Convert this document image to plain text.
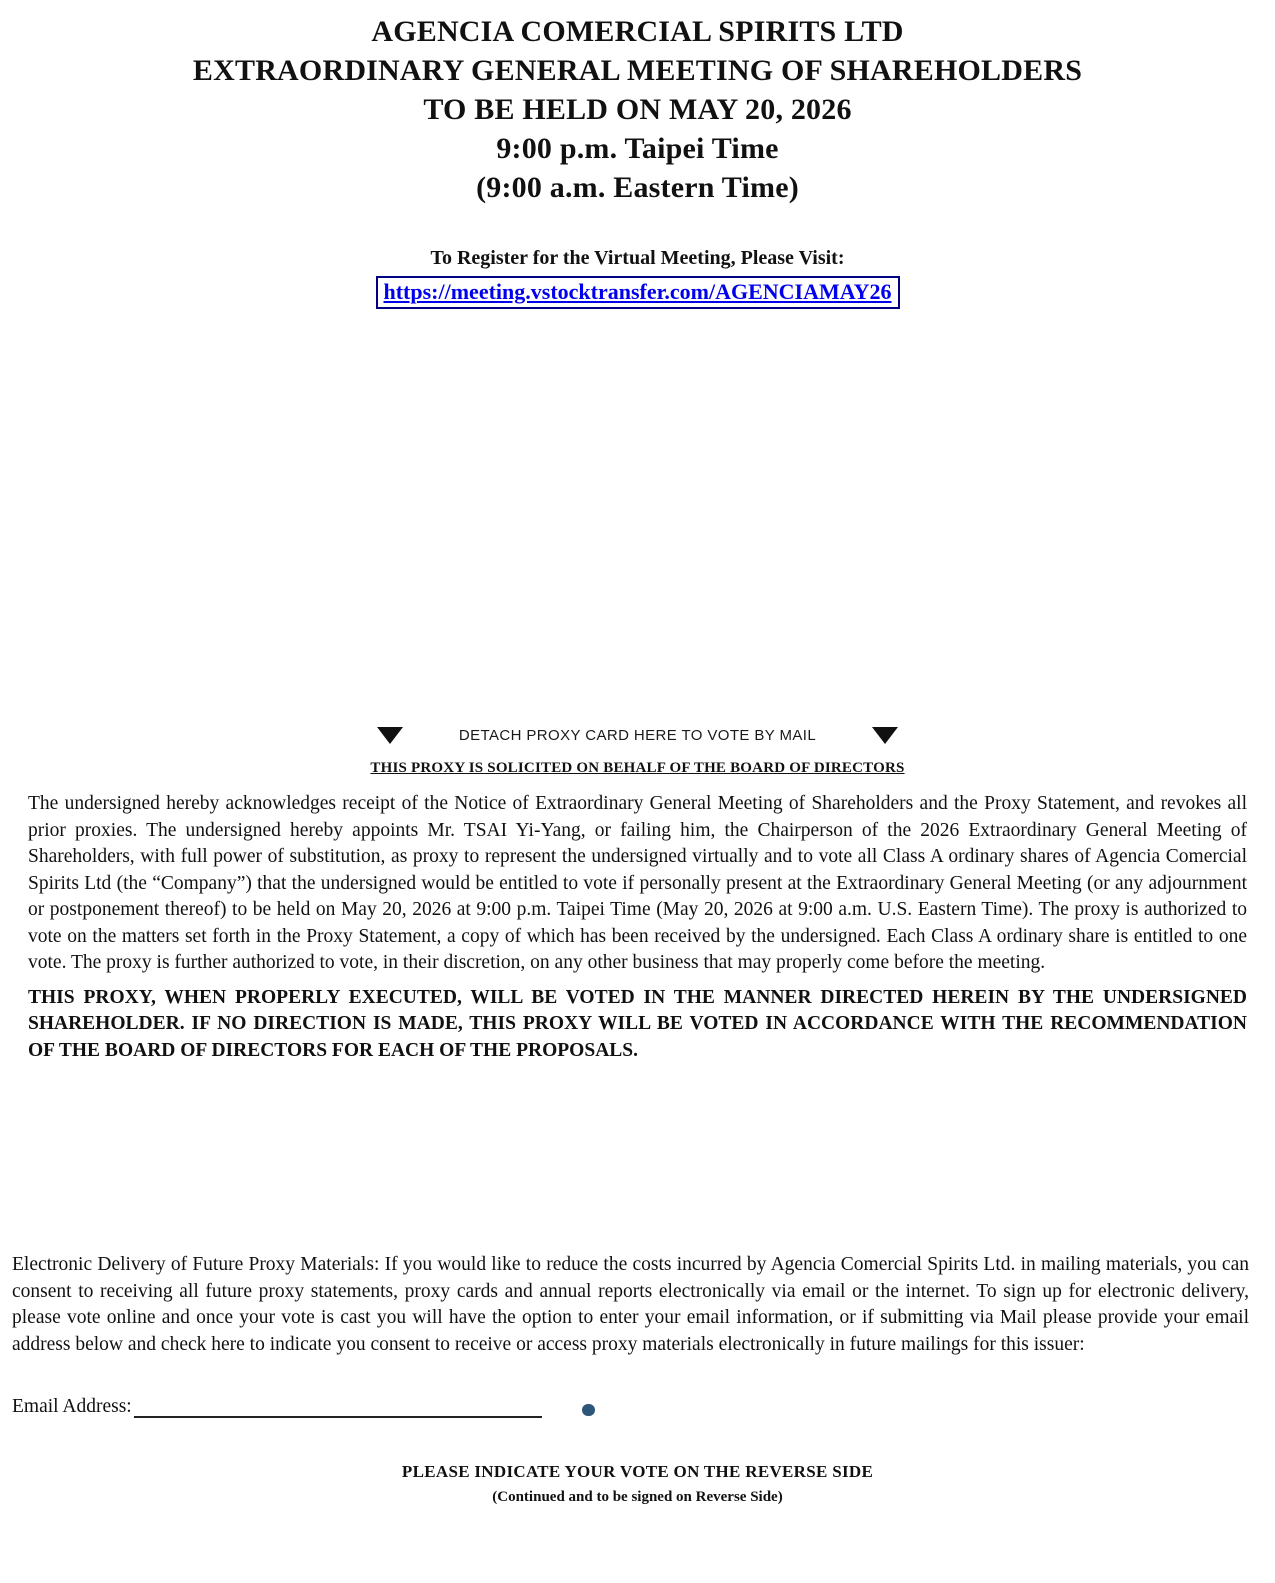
AGENCIA COMERCIAL SPIRITS LTD
EXTRAORDINARY GENERAL MEETING OF SHAREHOLDERS
TO BE HELD ON MAY 20, 2026
9:00 p.m. Taipei Time
(9:00 a.m. Eastern Time)
To Register for the Virtual Meeting, Please Visit:
https://meeting.vstocktransfer.com/AGENCIAMAY26
DETACH PROXY CARD HERE TO VOTE BY MAIL
THIS PROXY IS SOLICITED ON BEHALF OF THE BOARD OF DIRECTORS

The undersigned hereby acknowledges receipt of the Notice of Extraordinary General Meeting of Shareholders and the Proxy Statement, and revokes all prior proxies. The undersigned hereby appoints Mr. TSAI Yi-Yang, or failing him, the Chairperson of the 2026 Extraordinary General Meeting of Shareholders, with full power of substitution, as proxy to represent the undersigned virtually and to vote all Class A ordinary shares of Agencia Comercial Spirits Ltd (the “Company”) that the undersigned would be entitled to vote if personally present at the Extraordinary General Meeting (or any adjournment or postponement thereof) to be held on May 20, 2026 at 9:00 p.m. Taipei Time (May 20, 2026 at 9:00 a.m. U.S. Eastern Time). The proxy is authorized to vote on the matters set forth in the Proxy Statement, a copy of which has been received by the undersigned. Each Class A ordinary share is entitled to one vote. The proxy is further authorized to vote, in their discretion, on any other business that may properly come before the meeting.

THIS PROXY, WHEN PROPERLY EXECUTED, WILL BE VOTED IN THE MANNER DIRECTED HEREIN BY THE UNDERSIGNED SHAREHOLDER. IF NO DIRECTION IS MADE, THIS PROXY WILL BE VOTED IN ACCORDANCE WITH THE RECOMMENDATION OF THE BOARD OF DIRECTORS FOR EACH OF THE PROPOSALS.

Electronic Delivery of Future Proxy Materials: If you would like to reduce the costs incurred by Agencia Comercial Spirits Ltd. in mailing materials, you can consent to receiving all future proxy statements, proxy cards and annual reports electronically via email or the internet. To sign up for electronic delivery, please vote online and once your vote is cast you will have the option to enter your email information, or if submitting via Mail please provide your email address below and check here to indicate you consent to receive or access proxy materials electronically in future mailings for this issuer:

Email Address:
PLEASE INDICATE YOUR VOTE ON THE REVERSE SIDE
(Continued and to be signed on Reverse Side)
